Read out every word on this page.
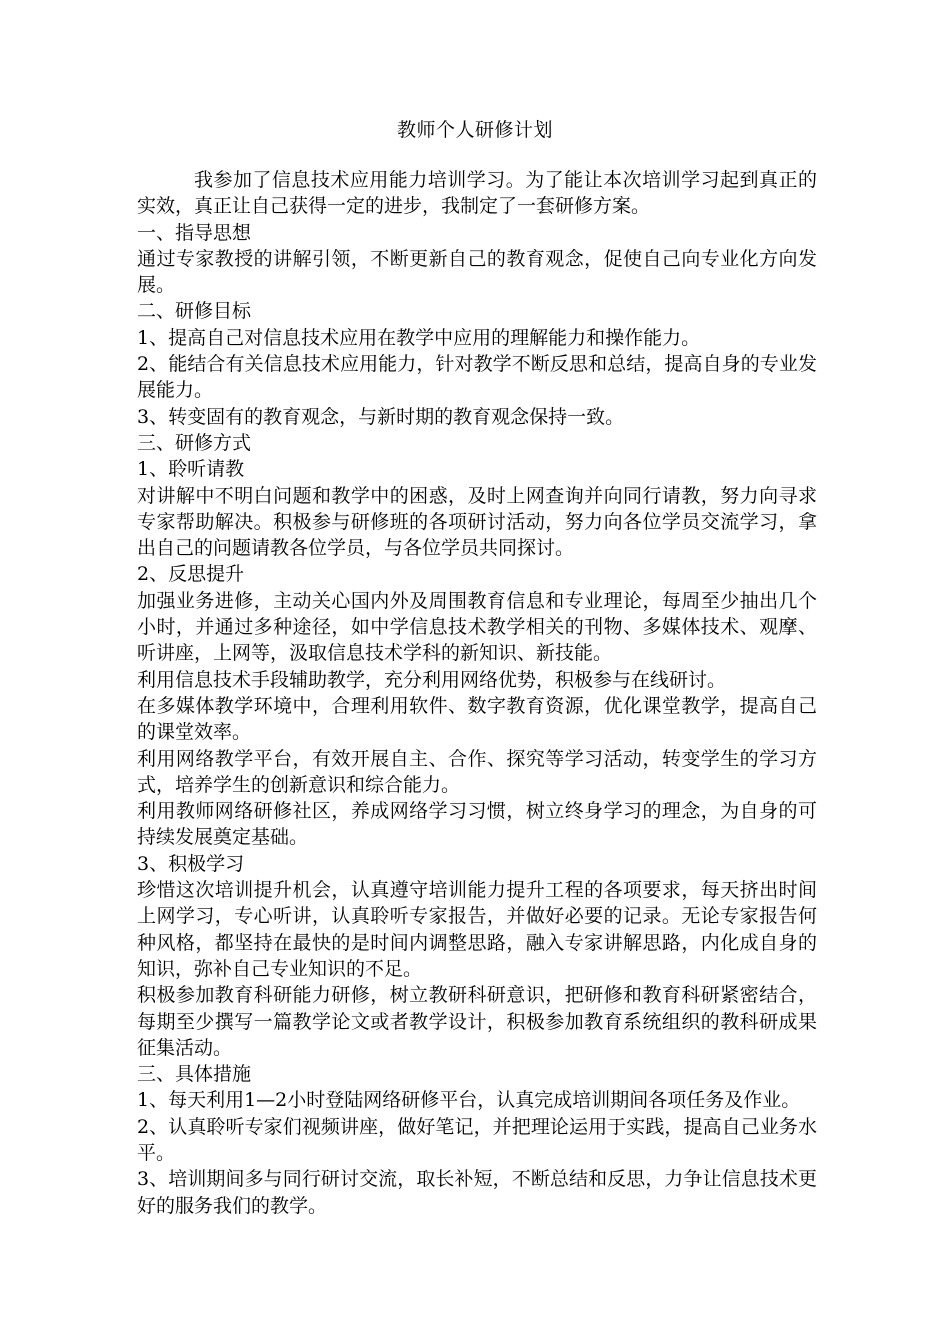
教师个人研修计划

我参加了信息技术应用能力培训学习。为了能让本次培训学习起到真正的实效，真正让自己获得一定的进步，我制定了一套研修方案。

一、指导思想

通过专家教授的讲解引领，不断更新自己的教育观念，促使自己向专业化方向发展。

二、研修目标

1、提高自己对信息技术应用在教学中应用的理解能力和操作能力。

2、能结合有关信息技术应用能力，针对教学不断反思和总结，提高自身的专业发展能力。

3、转变固有的教育观念，与新时期的教育观念保持一致。

三、研修方式

1、聆听请教

对讲解中不明白问题和教学中的困惑，及时上网查询并向同行请教，努力向寻求专家帮助解决。积极参与研修班的各项研讨活动，努力向各位学员交流学习，拿出自己的问题请教各位学员，与各位学员共同探讨。

2、反思提升

加强业务进修，主动关心国内外及周围教育信息和专业理论，每周至少抽出几个小时，并通过多种途径，如中学信息技术教学相关的刊物、多媒体技术、观摩、听讲座，上网等，汲取信息技术学科的新知识、新技能。

利用信息技术手段辅助教学，充分利用网络优势，积极参与在线研讨。

在多媒体教学环境中，合理利用软件、数字教育资源，优化课堂教学，提高自己的课堂效率。

利用网络教学平台，有效开展自主、合作、探究等学习活动，转变学生的学习方式，培养学生的创新意识和综合能力。

利用教师网络研修社区，养成网络学习习惯，树立终身学习的理念，为自身的可持续发展奠定基础。

3、积极学习

珍惜这次培训提升机会，认真遵守培训能力提升工程的各项要求，每天挤出时间上网学习，专心听讲，认真聆听专家报告，并做好必要的记录。无论专家报告何种风格，都坚持在最快的是时间内调整思路，融入专家讲解思路，内化成自身的知识，弥补自己专业知识的不足。

积极参加教育科研能力研修，树立教研科研意识，把研修和教育科研紧密结合，每期至少撰写一篇教学论文或者教学设计，积极参加教育系统组织的教科研成果征集活动。

三、具体措施

1、每天利用1—2小时登陆网络研修平台，认真完成培训期间各项任务及作业。

2、认真聆听专家们视频讲座，做好笔记，并把理论运用于实践，提高自己业务水平。

3、培训期间多与同行研讨交流，取长补短，不断总结和反思，力争让信息技术更好的服务我们的教学。
